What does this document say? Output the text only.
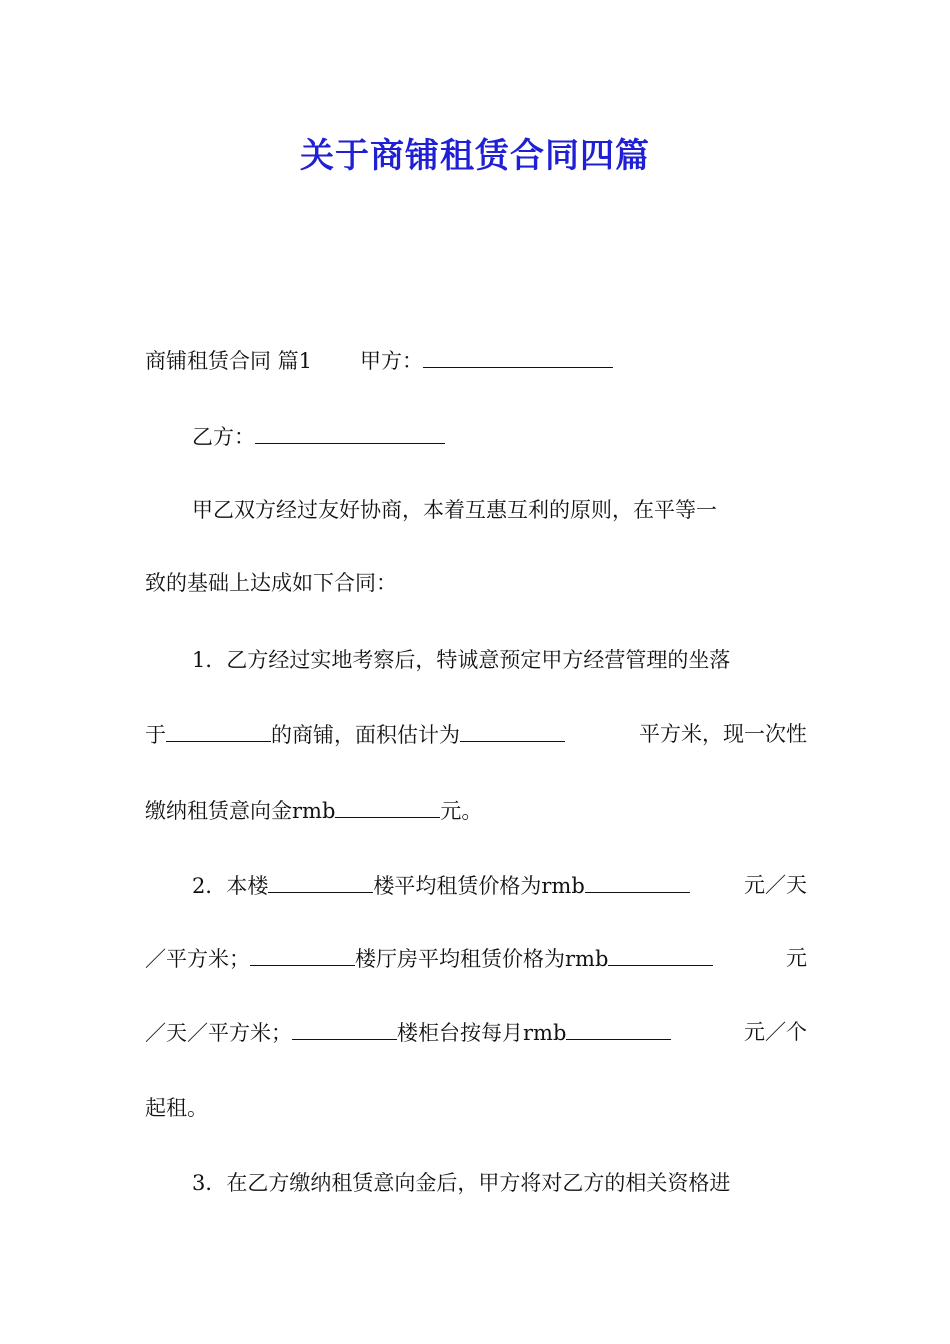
关于商铺租赁合同四篇
商铺租赁合同 篇1 甲方：
乙方：
甲乙双方经过友好协商，本着互惠互利的原则，在平等一
致的基础上达成如下合同：
1．乙方经过实地考察后，特诚意预定甲方经营管理的坐落
于	的商铺，面积估计为	平方米，现一次性
缴纳租赁意向金rmb	元。
2．本楼	楼平均租赁价格为rmb	元／天
／平方米；	楼厅房平均租赁价格为rmb	元
／天／平方米；	楼柜台按每月rmb	元／个
起租。
3．在乙方缴纳租赁意向金后，甲方将对乙方的相关资格进
